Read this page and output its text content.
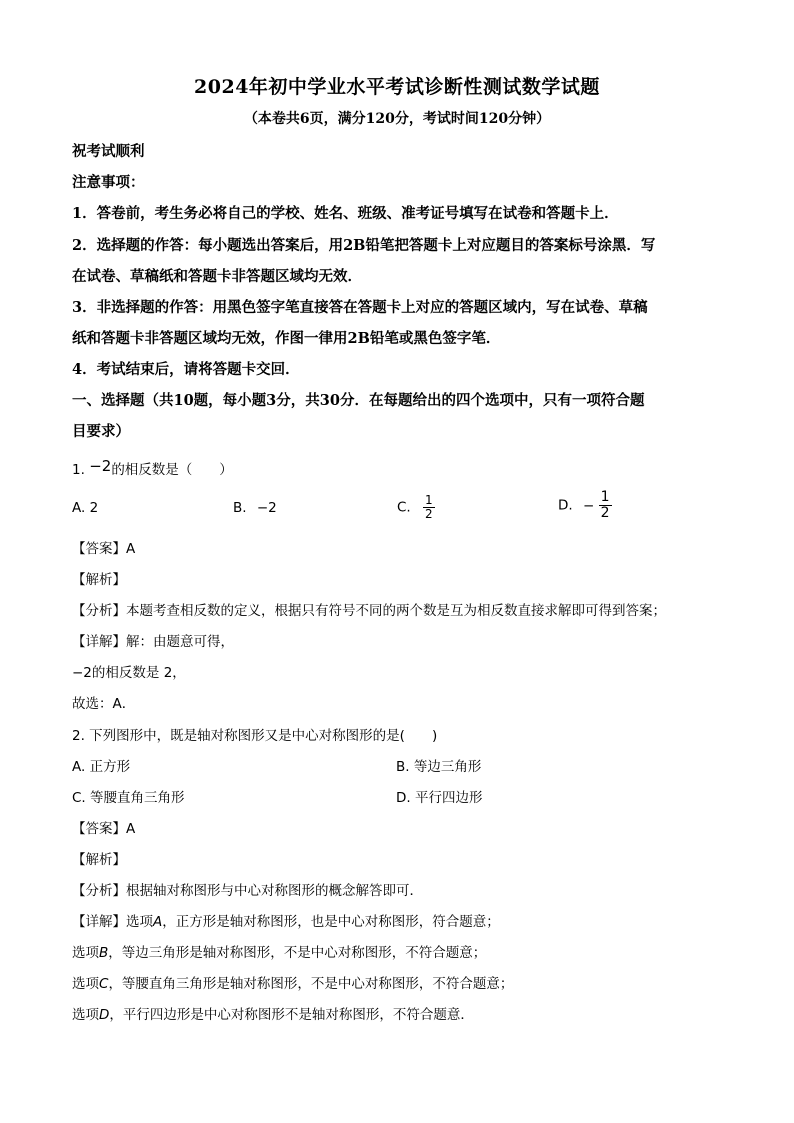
2024年初中学业水平考试诊断性测试数学试题
（本卷共6页，满分120分，考试时间120分钟）
祝考试顺利
注意事项：
1．答卷前，考生务必将自己的学校、姓名、班级、准考证号填写在试卷和答题卡上．
2．选择题的作答：每小题选出答案后，用2B铅笔把答题卡上对应题目的答案标号涂黑．写
在试卷、草稿纸和答题卡非答题区域均无效．
3．非选择题的作答：用黑色签字笔直接答在答题卡上对应的答题区域内，写在试卷、草稿
纸和答题卡非答题区域均无效，作图一律用2B铅笔或黑色签字笔．
4．考试结束后，请将答题卡交回．
一、选择题（共10题，每小题3分，共30分．在每题给出的四个选项中，只有一项符合题
目要求）
1. −2的相反数是（　　）
A. 2	B. −2	C. $\frac{1}{2}$	D. − $\frac{1}{2}$
【答案】A
【解析】
【分析】本题考查相反数的定义，根据只有符号不同的两个数是互为相反数直接求解即可得到答案；
【详解】解：由题意可得，
−2的相反数是 2，
故选：A．
2. 下列图形中，既是轴对称图形又是中心对称图形的是(　　)
A. 正方形	B. 等边三角形
C. 等腰直角三角形	D. 平行四边形
【答案】A
【解析】
【分析】根据轴对称图形与中心对称图形的概念解答即可．
【详解】选项A，正方形是轴对称图形，也是中心对称图形，符合题意；
选项B，等边三角形是轴对称图形，不是中心对称图形，不符合题意；
选项C，等腰直角三角形是轴对称图形，不是中心对称图形，不符合题意；
选项D，平行四边形是中心对称图形不是轴对称图形，不符合题意．
